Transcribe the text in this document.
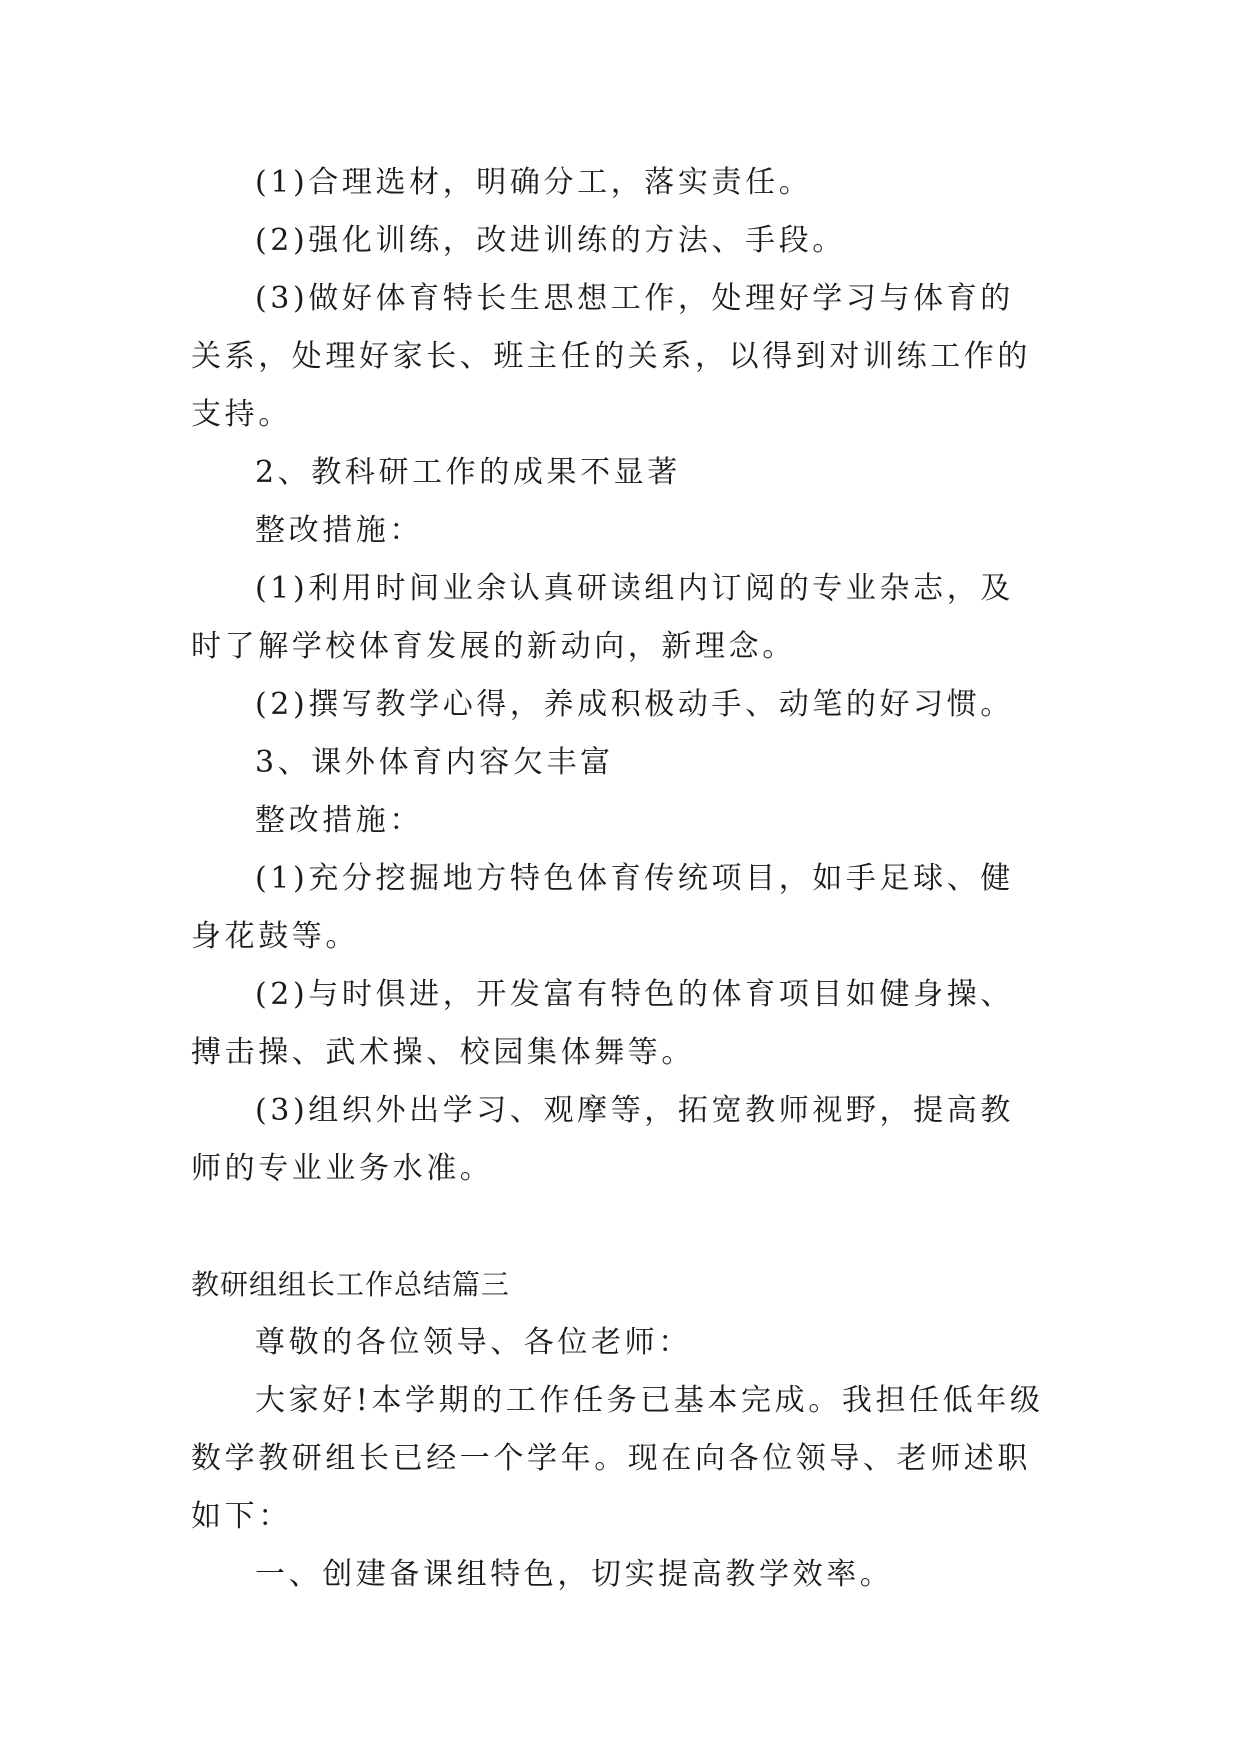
(1)合理选材，明确分工，落实责任。

(2)强化训练，改进训练的方法、手段。

(3)做好体育特长生思想工作，处理好学习与体育的关系，处理好家长、班主任的关系，以得到对训练工作的支持。

2、教科研工作的成果不显著

整改措施：

(1)利用时间业余认真研读组内订阅的专业杂志，及时了解学校体育发展的新动向，新理念。

(2)撰写教学心得，养成积极动手、动笔的好习惯。

3、课外体育内容欠丰富

整改措施：

(1)充分挖掘地方特色体育传统项目，如手足球、健身花鼓等。

(2)与时俱进，开发富有特色的体育项目如健身操、搏击操、武术操、校园集体舞等。

(3)组织外出学习、观摩等，拓宽教师视野，提高教师的专业业务水准。

教研组组长工作总结篇三

尊敬的各位领导、各位老师：

大家好!本学期的工作任务已基本完成。我担任低年级数学教研组长已经一个学年。现在向各位领导、老师述职如下：

一、创建备课组特色，切实提高教学效率。
